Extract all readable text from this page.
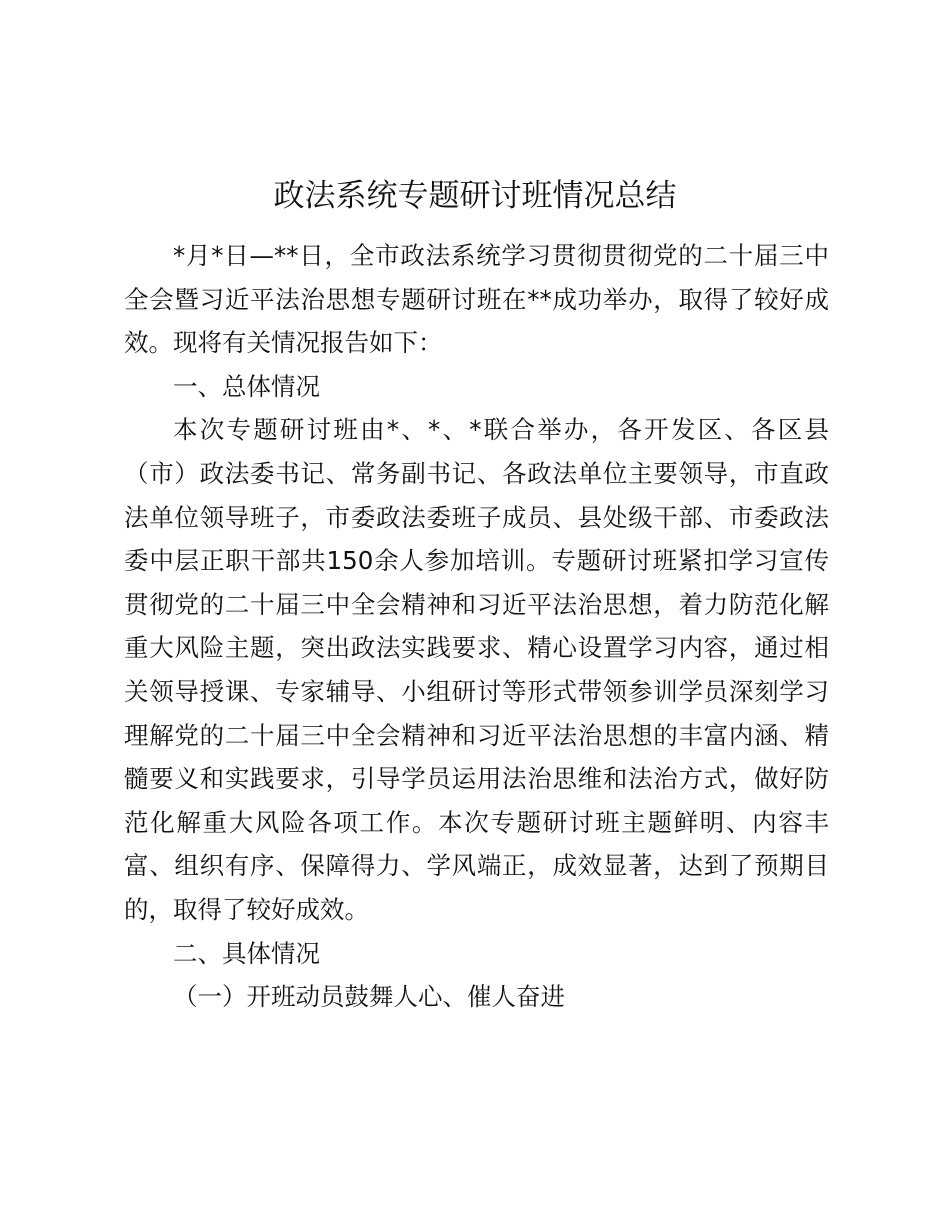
政法系统专题研讨班情况总结

*月*日—**日，全市政法系统学习贯彻贯彻党的二十届三中全会暨习近平法治思想专题研讨班在**成功举办，取得了较好成效。现将有关情况报告如下：

一、总体情况

本次专题研讨班由*、*、*联合举办，各开发区、各区县（市）政法委书记、常务副书记、各政法单位主要领导，市直政法单位领导班子，市委政法委班子成员、县处级干部、市委政法委中层正职干部共150余人参加培训。专题研讨班紧扣学习宣传贯彻党的二十届三中全会精神和习近平法治思想，着力防范化解重大风险主题，突出政法实践要求、精心设置学习内容，通过相关领导授课、专家辅导、小组研讨等形式带领参训学员深刻学习理解党的二十届三中全会精神和习近平法治思想的丰富内涵、精髓要义和实践要求，引导学员运用法治思维和法治方式，做好防范化解重大风险各项工作。本次专题研讨班主题鲜明、内容丰富、组织有序、保障得力、学风端正，成效显著，达到了预期目的，取得了较好成效。

二、具体情况

（一）开班动员鼓舞人心、催人奋进
